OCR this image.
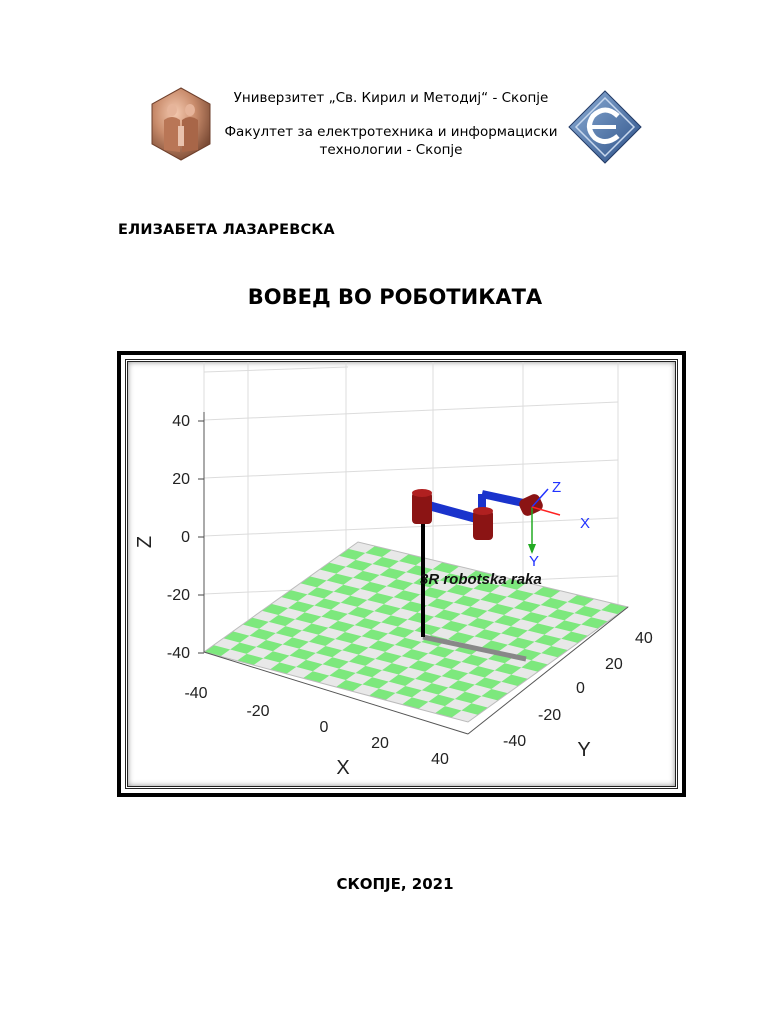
Универзитет „Св. Кирил и Методиј“ - Скопје
Факултет за електротехника и информациски
технологии - Скопје
ЕЛИЗАБЕТА ЛАЗАРЕВСКА
ВОВЕД ВО РОБОТИКАТА
40
20
0
-20
-40
Z
-40
-20
0
20
40
X
40
20
0
-20
-40	Y
Z
X
Y
3R robotska raka
СКОПЈЕ, 2021
